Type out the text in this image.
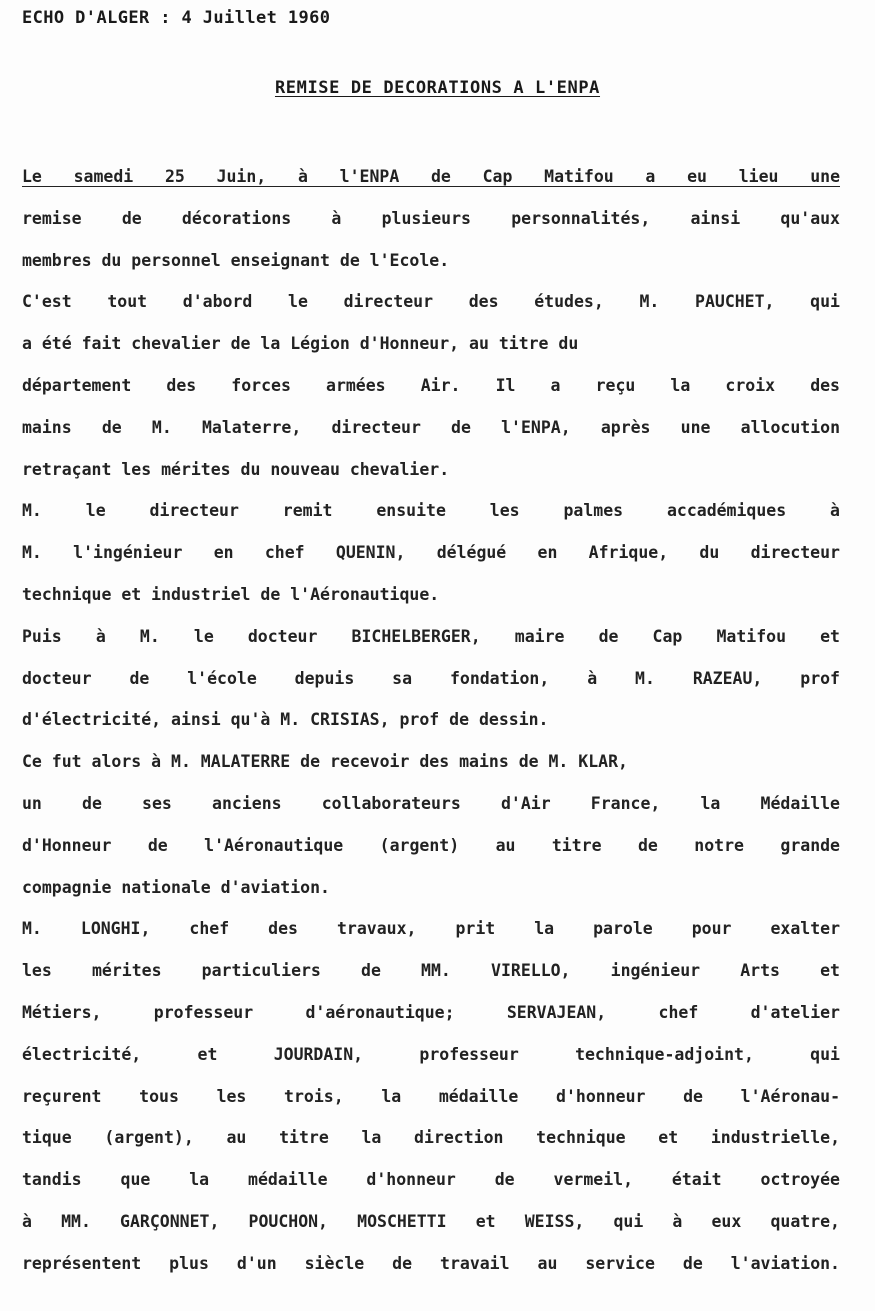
ECHO D'ALGER : 4 Juillet 1960
REMISE DE DECORATIONS A L'ENPA
Le samedi 25 Juin, à l'ENPA de Cap Matifou a eu lieu une
remise de décorations à plusieurs personnalités, ainsi qu'aux
membres du personnel enseignant de l'Ecole.
C'est tout d'abord le directeur des études, M. PAUCHET, qui
a été fait chevalier de la Légion d'Honneur, au titre du
département des forces armées Air. Il a reçu la croix des
mains de M. Malaterre, directeur de l'ENPA, après une allocution
retraçant les mérites du nouveau chevalier.
M. le directeur remit ensuite les palmes accadémiques à
M. l'ingénieur en chef QUENIN, délégué en Afrique, du directeur
technique et industriel de l'Aéronautique.
Puis à M. le docteur BICHELBERGER, maire de Cap Matifou et
docteur de l'école depuis sa fondation, à M. RAZEAU, prof
d'électricité, ainsi qu'à M. CRISIAS, prof de dessin.
Ce fut alors à M. MALATERRE de recevoir des mains de M. KLAR,
un de ses anciens collaborateurs d'Air France, la Médaille
d'Honneur de l'Aéronautique (argent) au titre de notre grande
compagnie nationale d'aviation.
M. LONGHI, chef des travaux, prit la parole pour exalter
les mérites particuliers de MM. VIRELLO, ingénieur Arts et
Métiers, professeur d'aéronautique; SERVAJEAN, chef d'atelier
électricité, et JOURDAIN, professeur technique-adjoint, qui
reçurent tous les trois, la médaille d'honneur de l'Aéronau-
tique (argent), au titre la direction technique et industrielle,
tandis que la médaille d'honneur de vermeil, était octroyée
à MM. GARÇONNET, POUCHON, MOSCHETTI et WEISS, qui à eux quatre,
représentent plus d'un siècle de travail au service de l'aviation.
